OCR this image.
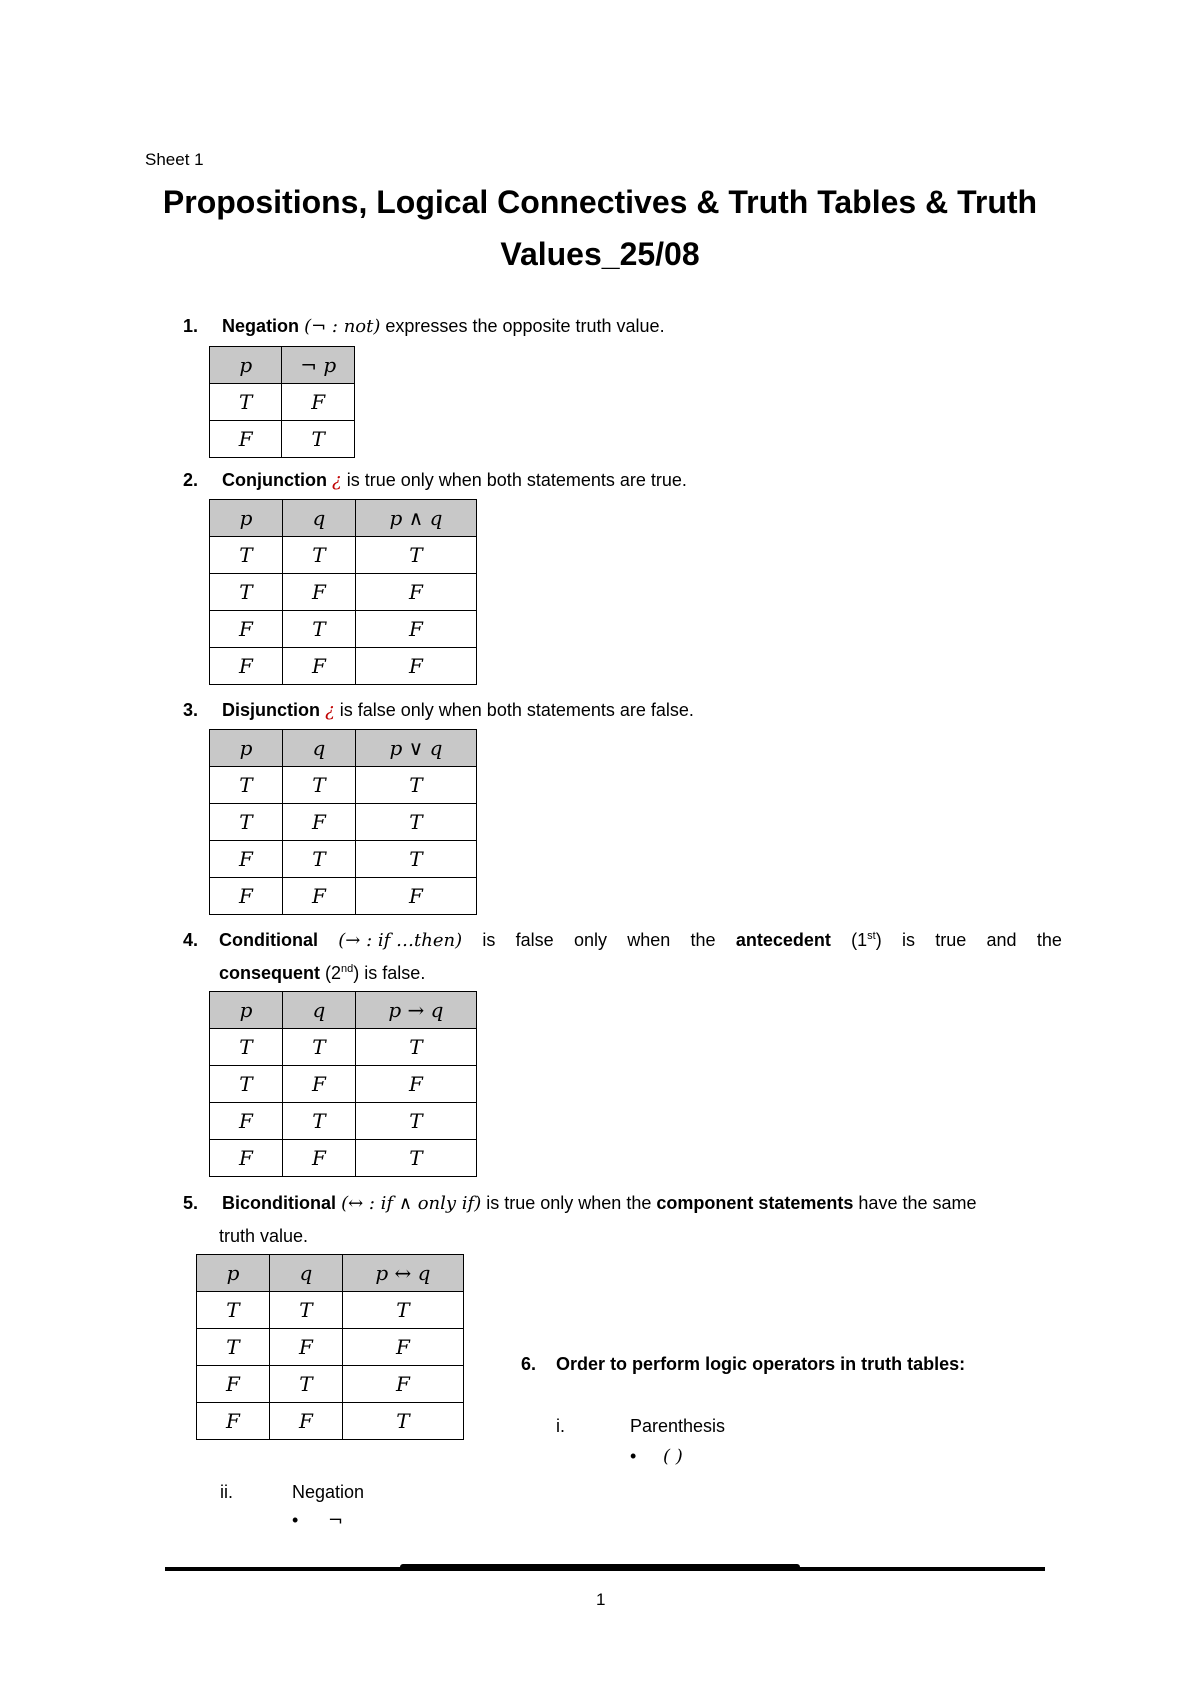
Sheet 1
Propositions, Logical Connectives & Truth Tables & Truth
Values_25/08
1. Negation (¬ : not) expresses the opposite truth value.
p	¬ p
T	F
F	T
2. Conjunction ¿ is true only when both statements are true.
p	q	p ∧ q
T	T	T
T	F	F
F	T	F
F	F	F
3. Disjunction ¿ is false only when both statements are false.
p	q	p ∨ q
T	T	T
T	F	T
F	T	T
F	F	F
4. Conditional (→ : if …then) is false only when the antecedent (1st) is true and the
consequent (2nd) is false.
p	q	p → q
T	T	T
T	F	F
F	T	T
F	F	T
5. Biconditional (↔ : if ∧ only if) is true only when the component statements have the same
truth value.
p	q	p ↔ q
T	T	T
T	F	F
F	T	F
F	F	T
6. Order to perform logic operators in truth tables:
i.	Parenthesis
• ( )
ii.	Negation
• ¬
1
